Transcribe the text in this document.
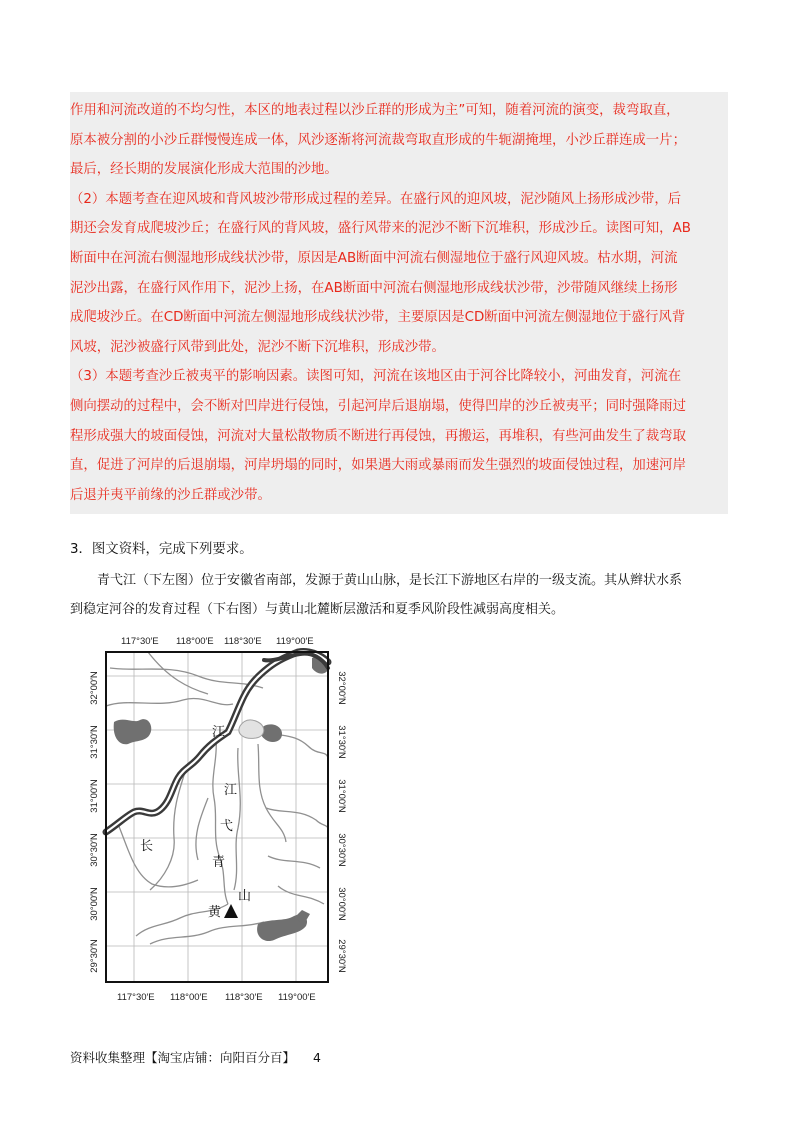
作用和河流改道的不均匀性，本区的地表过程以沙丘群的形成为主”可知，随着河流的演变，裁弯取直，

原本被分割的小沙丘群慢慢连成一体，风沙逐渐将河流裁弯取直形成的牛轭湖掩埋，小沙丘群连成一片；

最后，经长期的发展演化形成大范围的沙地。

（2）本题考查在迎风坡和背风坡沙带形成过程的差异。在盛行风的迎风坡，泥沙随风上扬形成沙带，后

期还会发育成爬坡沙丘；在盛行风的背风坡，盛行风带来的泥沙不断下沉堆积，形成沙丘。读图可知，AB

断面中在河流右侧湿地形成线状沙带，原因是AB断面中河流右侧湿地位于盛行风迎风坡。枯水期，河流

泥沙出露，在盛行风作用下，泥沙上扬，在AB断面中河流右侧湿地形成线状沙带，沙带随风继续上扬形

成爬坡沙丘。在CD断面中河流左侧湿地形成线状沙带，主要原因是CD断面中河流左侧湿地位于盛行风背

风坡，泥沙被盛行风带到此处，泥沙不断下沉堆积，形成沙带。

（3）本题考查沙丘被夷平的影响因素。读图可知，河流在该地区由于河谷比降较小，河曲发育，河流在

侧向摆动的过程中，会不断对凹岸进行侵蚀，引起河岸后退崩塌，使得凹岸的沙丘被夷平；同时强降雨过

程形成强大的坡面侵蚀，河流对大量松散物质不断进行再侵蚀，再搬运，再堆积，有些河曲发生了裁弯取

直，促进了河岸的后退崩塌，河岸坍塌的同时，如果遇大雨或暴雨而发生强烈的坡面侵蚀过程，加速河岸

后退并夷平前缘的沙丘群或沙带。

3．图文资料，完成下列要求。

青弋江（下左图）位于安徽省南部，发源于黄山山脉，是长江下游地区右岸的一级支流。其从辫状水系

到稳定河谷的发育过程（下右图）与黄山北麓断层激活和夏季风阶段性减弱高度相关。

117°30′E 118°00′E 118°30′E 119°00′E
117°30′E 118°00′E 118°30′E 119°00′E
32°00′N
31°30′N
31°00′N
30°30′N
30°00′N
29°30′N
32°00′N
31°30′N
31°00′N
30°30′N
30°00′N
29°30′N
江
江
长
弋
青
山
黄
资料收集整理【淘宝店铺：向阳百分百】 4
